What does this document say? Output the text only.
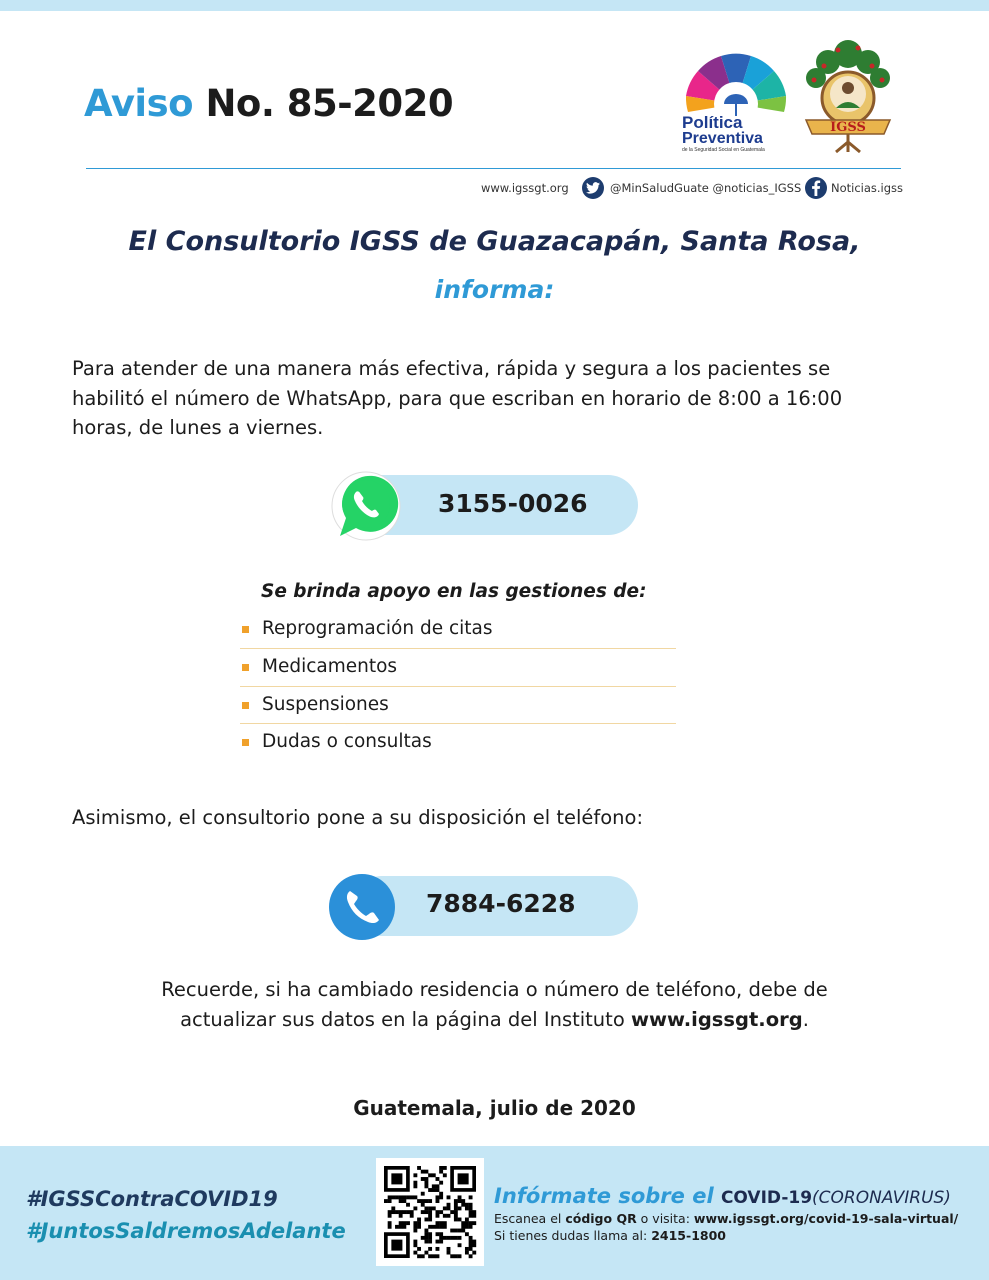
Aviso No. 85-2020	Política
Preventiva
de la Seguridad Social en Guatemala
IGSS
www.igssgt.org	@MinSaludGuate @noticias_IGSS	Noticias.igss
El Consultorio IGSS de Guazacapán, Santa Rosa,
informa:
Para atender de una manera más efectiva, rápida y segura a los pacientes se
habilitó el número de WhatsApp, para que escriban en horario de 8:00 a 16:00
horas, de lunes a viernes.
3155-0026
Se brinda apoyo en las gestiones de:
Reprogramación de citas
Medicamentos
Suspensiones
Dudas o consultas
Asimismo, el consultorio pone a su disposición el teléfono:
7884-6228
Recuerde, si ha cambiado residencia o número de teléfono, debe de
actualizar sus datos en la página del Instituto www.igssgt.org.
Guatemala, julio de 2020
#IGSSContraCOVID19
#JuntosSaldremosAdelante
Infórmate sobre el COVID-19(CORONAVIRUS)
Escanea el código QR o visita: www.igssgt.org/covid-19-sala-virtual/
Si tienes dudas llama al: 2415-1800
